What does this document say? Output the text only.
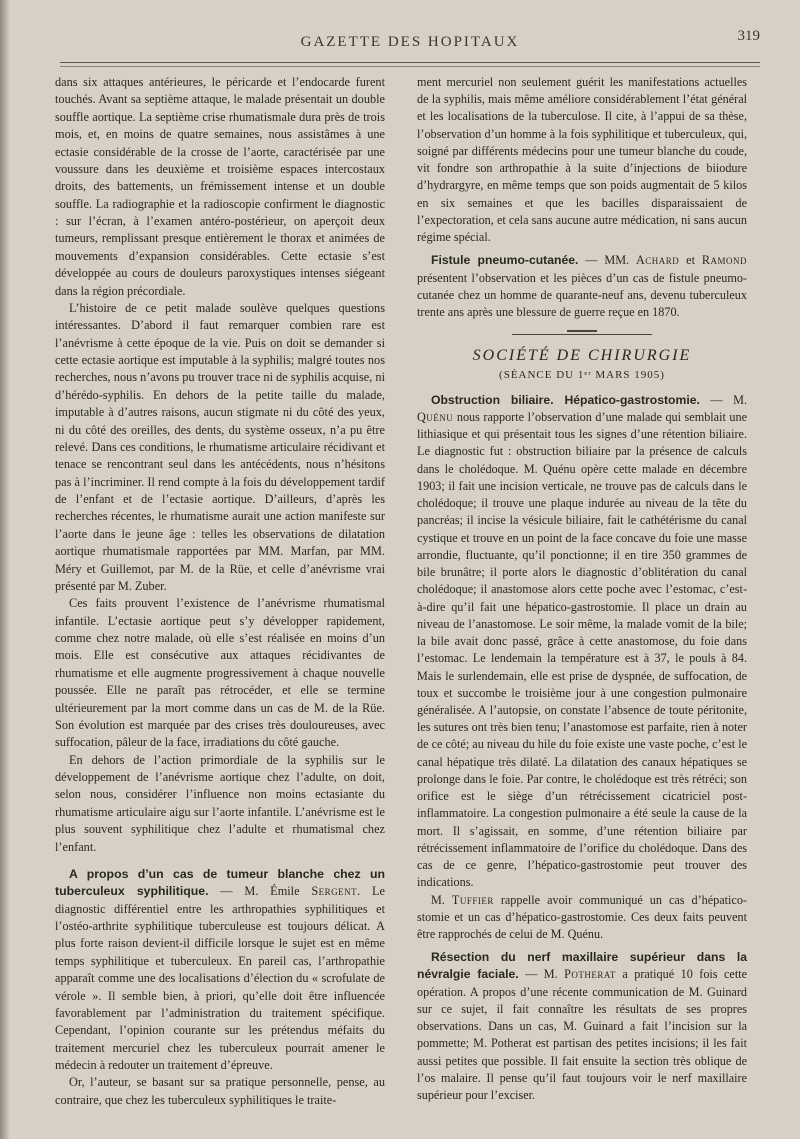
GAZETTE DES HOPITAUX	319

dans six attaques antérieures, le péricarde et l’endocarde furent touchés. Avant sa septième attaque, le malade présentait un double souffle aortique. La septième crise rhumatismale dura près de trois mois, et, en moins de quatre semaines, nous assistâmes à une ectasie considérable de la crosse de l’aorte, caractérisée par une voussure dans les deuxième et troisième espaces intercostaux droits, des battements, un frémissement intense et un double souffle. La radiographie et la radioscopie confirment le diagnostic : sur l’écran, à l’examen antéro-postérieur, on aperçoit deux tumeurs, remplissant presque entièrement le thorax et animées de mouvements d’expansion considérables. Cette ectasie s’est développée au cours de douleurs paroxystiques intenses siégeant dans la région précordiale.

L’histoire de ce petit malade soulève quelques questions intéressantes. D’abord il faut remarquer combien rare est l’anévrisme à cette époque de la vie. Puis on doit se demander si cette ectasie aortique est imputable à la syphilis; malgré toutes nos recherches, nous n’avons pu trouver trace ni de syphilis acquise, ni d’hérédo-syphilis. En dehors de la petite taille du malade, imputable à d’autres raisons, aucun stigmate ni du côté des yeux, ni du côté des oreilles, des dents, du système osseux, n’a pu être relevé. Dans ces conditions, le rhumatisme articulaire récidivant et tenace se rencontrant seul dans les antécédents, nous n’hésitons pas à l’incriminer. Il rend compte à la fois du développement tardif de l’enfant et de l’ectasie aortique. D’ailleurs, d’après les recherches récentes, le rhumatisme aurait une action manifeste sur l’aorte dans le jeune âge : telles les observations de dilatation aortique rhumatismale rapportées par MM. Marfan, par MM. Méry et Guillemot, par M. de la Rüe, et celle d’anévrisme vrai présenté par M. Zuber.

Ces faits prouvent l’existence de l’anévrisme rhumatismal infantile. L’ectasie aortique peut s’y développer rapidement, comme chez notre malade, où elle s’est réalisée en moins d’un mois. Elle est consécutive aux attaques récidivantes de rhumatisme et elle augmente progressivement à chaque nouvelle poussée. Elle ne paraît pas rétrocéder, et elle se termine ultérieurement par la mort comme dans un cas de M. de la Rüe. Son évolution est marquée par des crises très douloureuses, avec suffocation, pâleur de la face, irradiations du côté gauche.

En dehors de l’action primordiale de la syphilis sur le développement de l’anévrisme aortique chez l’adulte, on doit, selon nous, considérer l’influence non moins ectasiante du rhumatisme articulaire aigu sur l’aorte infantile. L’anévrisme est le plus souvent syphilitique chez l’adulte et rhumatismal chez l’enfant.

A propos d’un cas de tumeur blanche chez un tuberculeux syphilitique. — M. Émile Sergent. Le diagnostic différentiel entre les arthropathies syphilitiques et l’ostéo-arthrite syphilitique tuberculeuse est toujours délicat. A plus forte raison devient-il difficile lorsque le sujet est en même temps syphilitique et tuberculeux. En pareil cas, l’arthropathie apparaît comme une des localisations d’élection du « scrofulate de vérole ». Il semble bien, à priori, qu’elle doit être influencée favorablement par l’administration du traitement spécifique. Cependant, l’opinion courante sur les prétendus méfaits du traitement mercuriel chez les tuberculeux pourrait amener le médecin à redouter un traitement d’épreuve.

Or, l’auteur, se basant sur sa pratique personnelle, pense, au contraire, que chez les tuberculeux syphilitiques le traite-

ment mercuriel non seulement guérit les manifestations actuelles de la syphilis, mais même améliore considérablement l’état général et les localisations de la tuberculose. Il cite, à l’appui de sa thèse, l’observation d’un homme à la fois syphilitique et tuberculeux, qui, soigné par différents médecins pour une tumeur blanche du coude, vit fondre son arthropathie à la suite d’injections de biiodure d’hydrargyre, en même temps que son poids augmentait de 5 kilos en six semaines et que les bacilles disparaissaient de l’expectoration, et cela sans aucune autre médication, ni sans aucun régime spécial.

Fistule pneumo-cutanée. — MM. Achard et Ramond présentent l’observation et les pièces d’un cas de fistule pneumo-cutanée chez un homme de quarante-neuf ans, devenu tuberculeux trente ans après une blessure de guerre reçue en 1870.

SOCIÉTÉ DE CHIRURGIE
(SÉANCE DU 1ᵉʳ MARS 1905)

Obstruction biliaire. Hépatico-gastrostomie. — M. Quénu nous rapporte l’observation d’une malade qui semblait une lithiasique et qui présentait tous les signes d’une rétention biliaire. Le diagnostic fut : obstruction biliaire par la présence de calculs dans le cholédoque. M. Quénu opère cette malade en décembre 1903; il fait une incision verticale, ne trouve pas de calculs dans le cholédoque; il trouve une plaque indurée au niveau de la tête du pancréas; il incise la vésicule biliaire, fait le cathétérisme du canal cystique et trouve en un point de la face concave du foie une masse arrondie, fluctuante, qu’il ponctionne; il en tire 350 grammes de bile brunâtre; il porte alors le diagnostic d’oblitération du canal cholédoque; il anastomose alors cette poche avec l’estomac, c’est-à-dire qu’il fait une hépatico-gastrostomie. Il place un drain au niveau de l’anastomose. Le soir même, la malade vomit de la bile; la bile avait donc passé, grâce à cette anastomose, du foie dans l’estomac. Le lendemain la température est à 37, le pouls à 84. Mais le surlendemain, elle est prise de dyspnée, de suffocation, de toux et succombe le troisième jour à une congestion pulmonaire généralisée. A l’autopsie, on constate l’absence de toute péritonite, les sutures ont très bien tenu; l’anastomose est parfaite, rien à noter de ce côté; au niveau du hile du foie existe une vaste poche, c’est le canal hépatique très dilaté. La dilatation des canaux hépatiques se prolonge dans le foie. Par contre, le cholédoque est très rétréci; son orifice est le siège d’un rétrécissement cicatriciel post-inflammatoire. La congestion pulmonaire a été seule la cause de la mort. Il s’agissait, en somme, d’une rétention biliaire par rétrécissement inflammatoire de l’orifice du cholédoque. Dans des cas de ce genre, l’hépatico-gastrostomie peut trouver des indications.

M. Tuffier rappelle avoir communiqué un cas d’hépatico-stomie et un cas d’hépatico-gastrostomie. Ces deux faits peuvent être rapprochés de celui de M. Quénu.

Résection du nerf maxillaire supérieur dans la névralgie faciale. — M. Potherat a pratiqué 10 fois cette opération. A propos d’une récente communication de M. Guinard sur ce sujet, il fait connaître les résultats de ses propres observations. Dans un cas, M. Guinard a fait l’incision sur la pommette; M. Potherat est partisan des petites incisions; il les fait aussi petites que possible. Il fait ensuite la section très oblique de l’os malaire. Il pense qu’il faut toujours voir le nerf maxillaire supérieur pour l’exciser.
